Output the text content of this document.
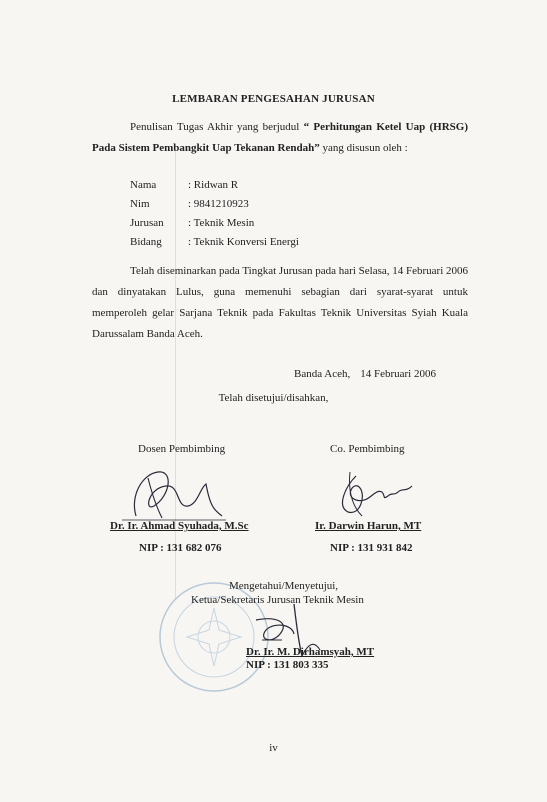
LEMBARAN PENGESAHAN JURUSAN
Penulisan Tugas Akhir yang berjudul “ Perhitungan Ketel Uap (HRSG) Pada Sistem Pembangkit Uap Tekanan Rendah” yang disusun oleh :
Nama	: Ridwan R
Nim	: 9841210923
Jurusan	: Teknik Mesin
Bidang	: Teknik Konversi Energi
Telah diseminarkan pada Tingkat Jurusan pada hari Selasa, 14 Februari 2006 dan dinyatakan Lulus, guna memenuhi sebagian dari syarat-syarat untuk memperoleh gelar Sarjana Teknik pada Fakultas Teknik Universitas Syiah Kuala Darussalam Banda Aceh.
Banda Aceh, 14 Februari 2006
Telah disetujui/disahkan,
Dosen Pembimbing	Co. Pembimbing
Dr. Ir. Ahmad Syuhada, M.Sc	Ir. Darwin Harun, MT
NIP : 131 682 076	NIP : 131 931 842
Mengetahui/Menyetujui,
Ketua/Sekretaris Jurusan Teknik Mesin
Dr. Ir. M. Dirhamsyah, MT
NIP : 131 803 335
iv
